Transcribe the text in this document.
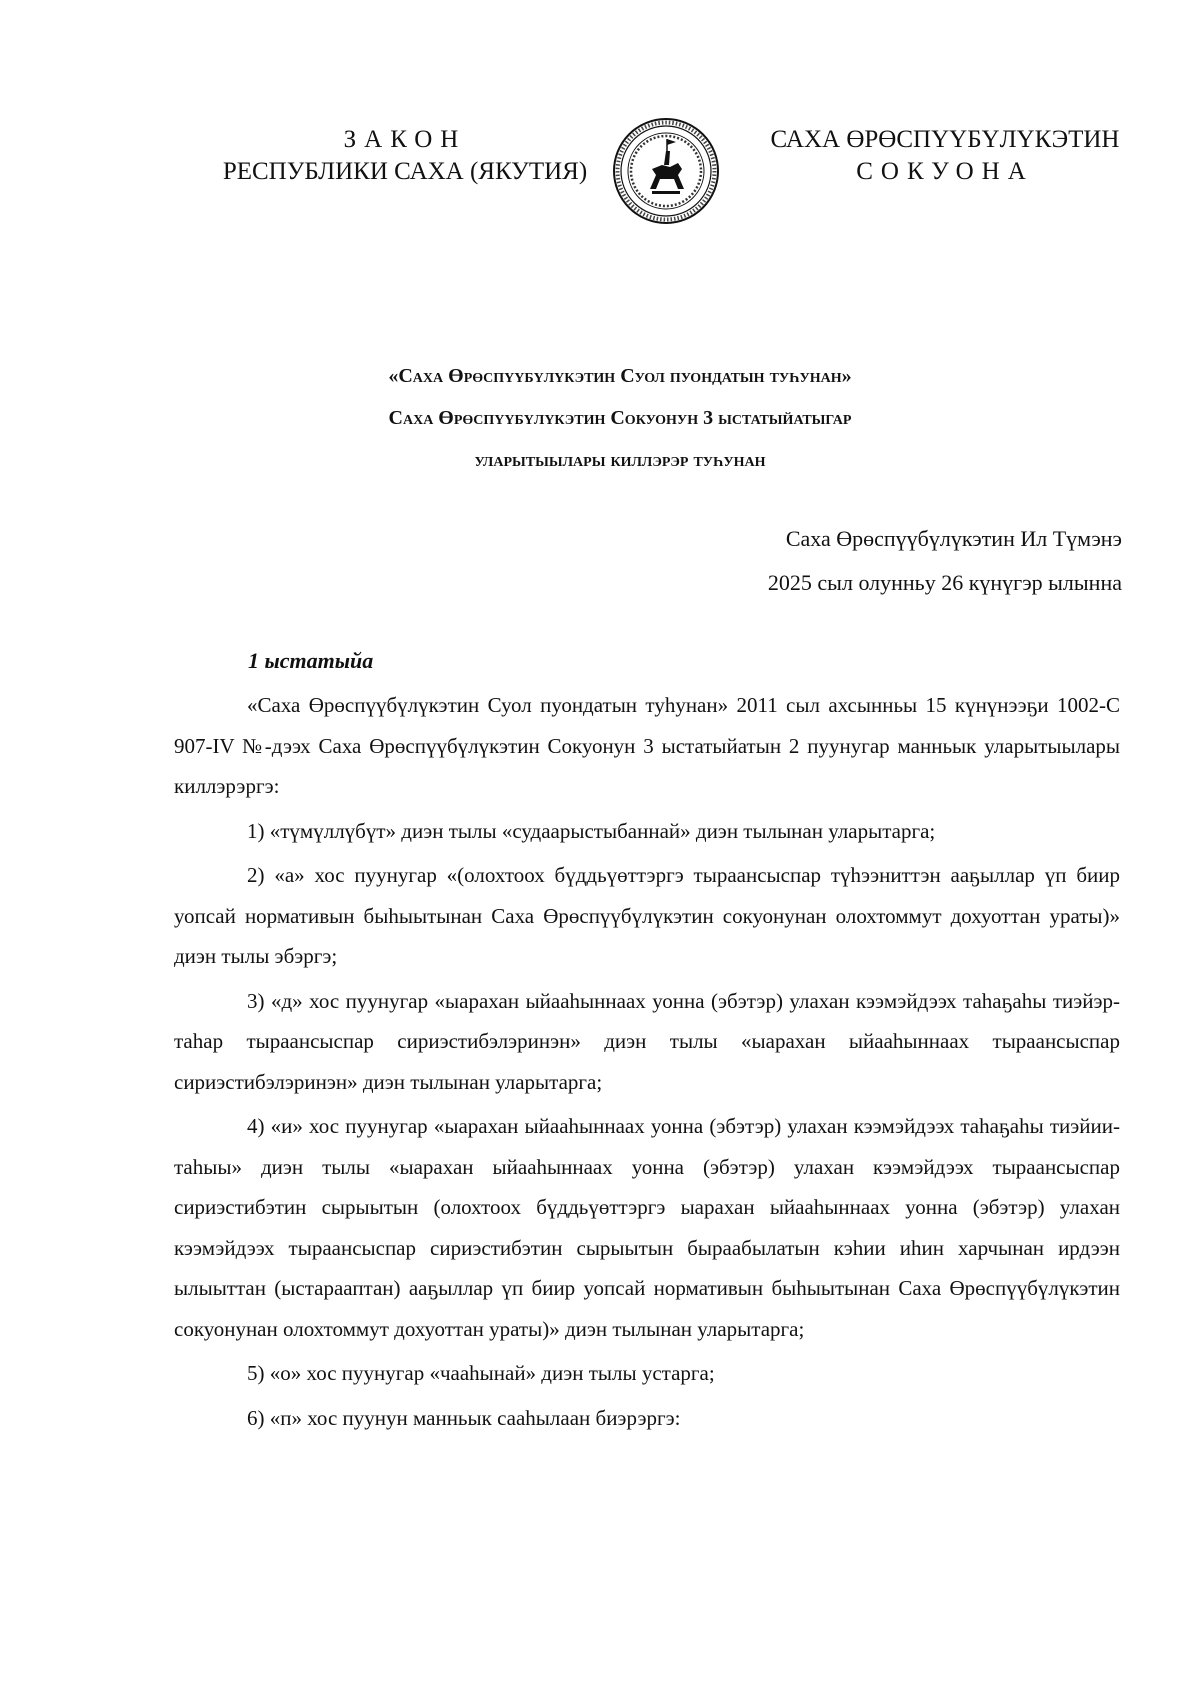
ЗАКОН
РЕСПУБЛИКИ САХА (ЯКУТИЯ)
САХА ӨРӨСПҮҮБҮЛҮКЭТИН
СОКУОНА
«Саха Өрөспүүбүлүкэтин Суол пуондатын туһунан»
Саха Өрөспүүбүлүкэтин Сокуонун 3 ыстатыйатыгар
уларытыылары киллэрэр туһунан
Саха Өрөспүүбүлүкэтин Ил Түмэнэ
2025 сыл олунньу 26 күнүгэр ылынна
1 ыстатыйа

«Саха Өрөспүүбүлүкэтин Суол пуондатын туһунан» 2011 сыл ахсынньы 15 күнүнээҕи 1002-С 907-IV №-дээх Саха Өрөспүүбүлүкэтин Сокуонун 3 ыстатыйатын 2 пуунугар манньык уларытыылары киллэрэргэ:

1) «түмүллүбүт» диэн тылы «судаарыстыбаннай» диэн тылынан уларытарга;

2) «а» хос пуунугар «(олохтоох бүддьүөттэргэ тыраансыспар түһээниттэн ааҕыллар үп биир уопсай нормативын быһыытынан Саха Өрөспүүбүлүкэтин сокуонунан олохтоммут дохуоттан ураты)» диэн тылы эбэргэ;

3) «д» хос пуунугар «ыарахан ыйааһыннаах уонна (эбэтэр) улахан кээмэйдээх таһаҕаһы тиэйэр-таһар тыраансыспар сириэстибэлэринэн» диэн тылы «ыарахан ыйааһыннаах тыраансыспар сириэстибэлэринэн» диэн тылынан уларытарга;

4) «и» хос пуунугар «ыарахан ыйааһыннаах уонна (эбэтэр) улахан кээмэйдээх таһаҕаһы тиэйии-таһыы» диэн тылы «ыарахан ыйааһыннаах уонна (эбэтэр) улахан кээмэйдээх тыраансыспар сириэстибэтин сырыытын (олохтоох бүддьүөттэргэ ыарахан ыйааһыннаах уонна (эбэтэр) улахан кээмэйдээх тыраансыспар сириэстибэтин сырыытын быраабылатын кэһии иһин харчынан ирдээн ылыыттан (ыстарааптан) ааҕыллар үп биир уопсай нормативын быһыытынан Саха Өрөспүүбүлүкэтин сокуонунан олохтоммут дохуоттан ураты)» диэн тылынан уларытарга;

5) «о» хос пуунугар «чааһынай» диэн тылы устарга;

6) «п» хос пуунун манньык сааһылаан биэрэргэ:
